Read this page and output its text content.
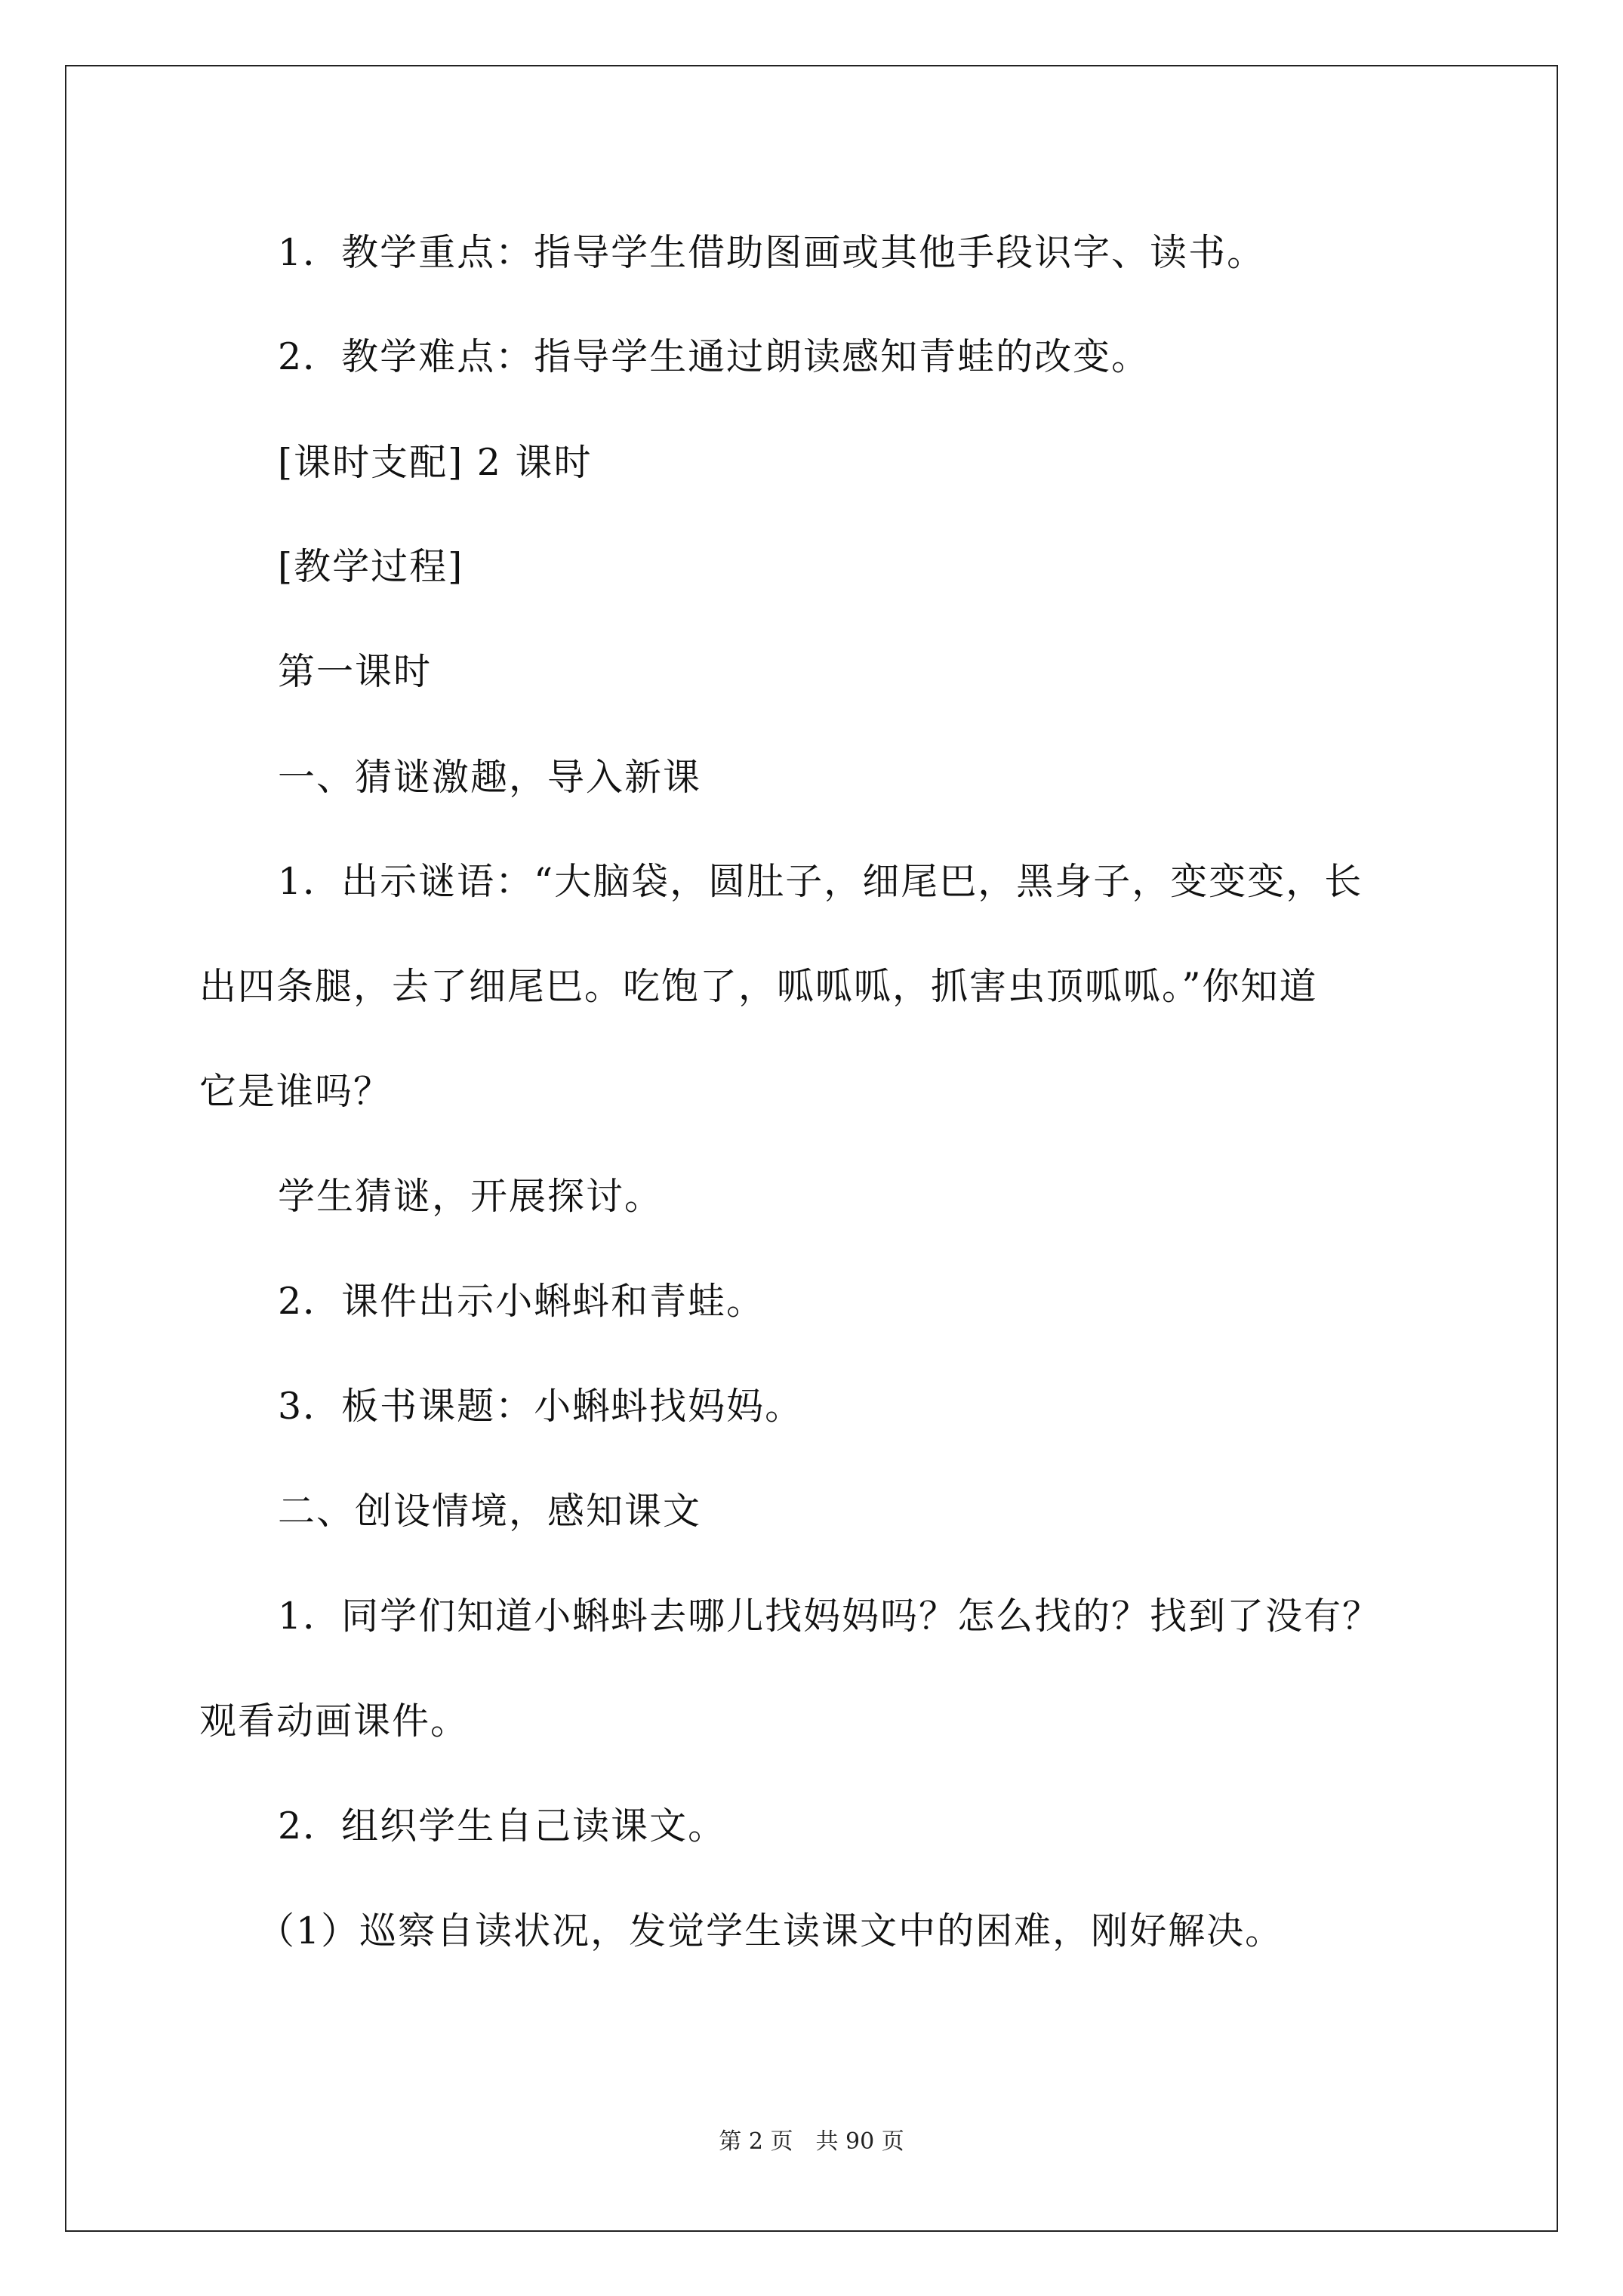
1．教学重点：指导学生借助图画或其他手段识字、读书。
2．教学难点：指导学生通过朗读感知青蛙的改变。
[课时支配] 2 课时
[教学过程]
第一课时
一、猜谜激趣，导入新课
1．出示谜语：“大脑袋，圆肚子，细尾巴，黑身子，变变变，长
出四条腿，去了细尾巴。吃饱了，呱呱呱，抓害虫顶呱呱。”你知道
它是谁吗？
学生猜谜，开展探讨。
2．课件出示小蝌蚪和青蛙。
3．板书课题：小蝌蚪找妈妈。
二、创设情境，感知课文
1．同学们知道小蝌蚪去哪儿找妈妈吗？怎么找的？找到了没有？
观看动画课件。
2．组织学生自己读课文。
（1）巡察自读状况，发觉学生读课文中的困难，刚好解决。
第 2 页　共 90 页
